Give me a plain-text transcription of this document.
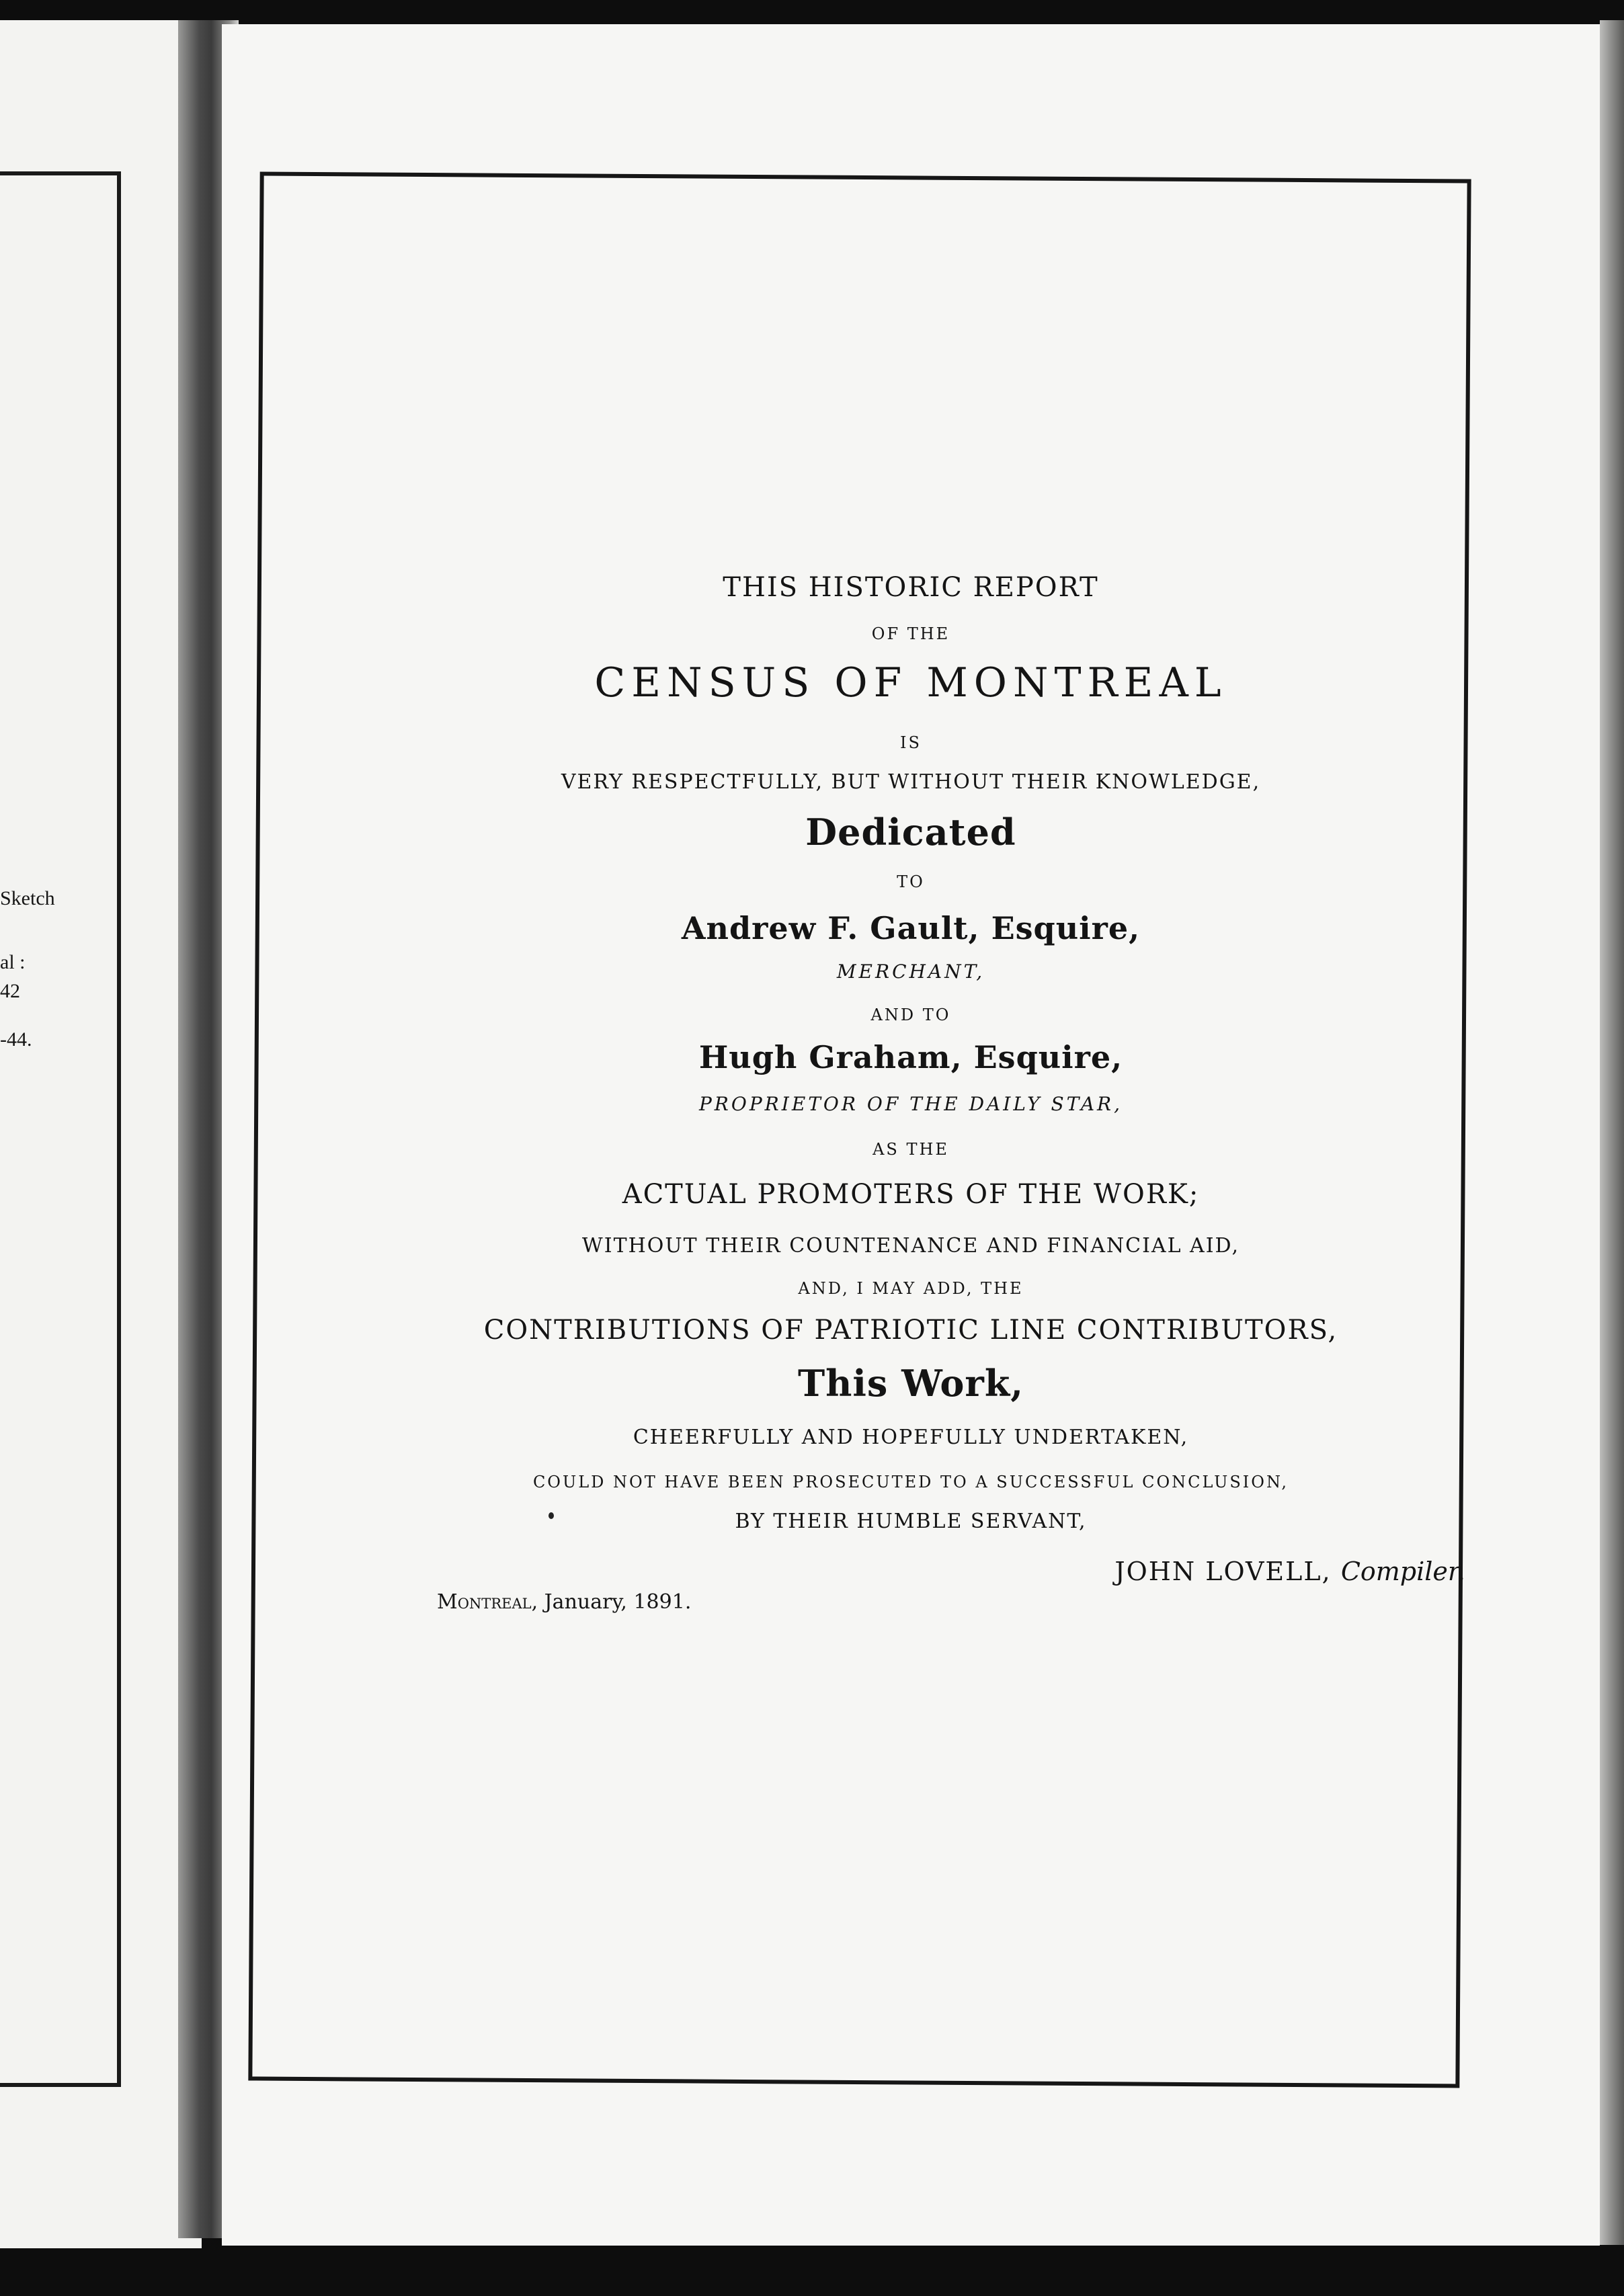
Sketch
al :
42
-44.
THIS HISTORIC REPORT
OF THE
CENSUS OF MONTREAL
IS
VERY RESPECTFULLY, BUT WITHOUT THEIR KNOWLEDGE,
Dedicated
TO
Andrew F. Gault, Esquire,
MERCHANT,
AND TO
Hugh Graham, Esquire,
PROPRIETOR OF THE DAILY STAR,
AS THE
ACTUAL PROMOTERS OF THE WORK;
WITHOUT THEIR COUNTENANCE AND FINANCIAL AID,
AND, I MAY ADD, THE
CONTRIBUTIONS OF PATRIOTIC LINE CONTRIBUTORS,
This Work,
CHEERFULLY AND HOPEFULLY UNDERTAKEN,
COULD NOT HAVE BEEN PROSECUTED TO A SUCCESSFUL CONCLUSION,
BY THEIR HUMBLE SERVANT,
JOHN LOVELL, Compiler.
Montreal, January, 1891.
